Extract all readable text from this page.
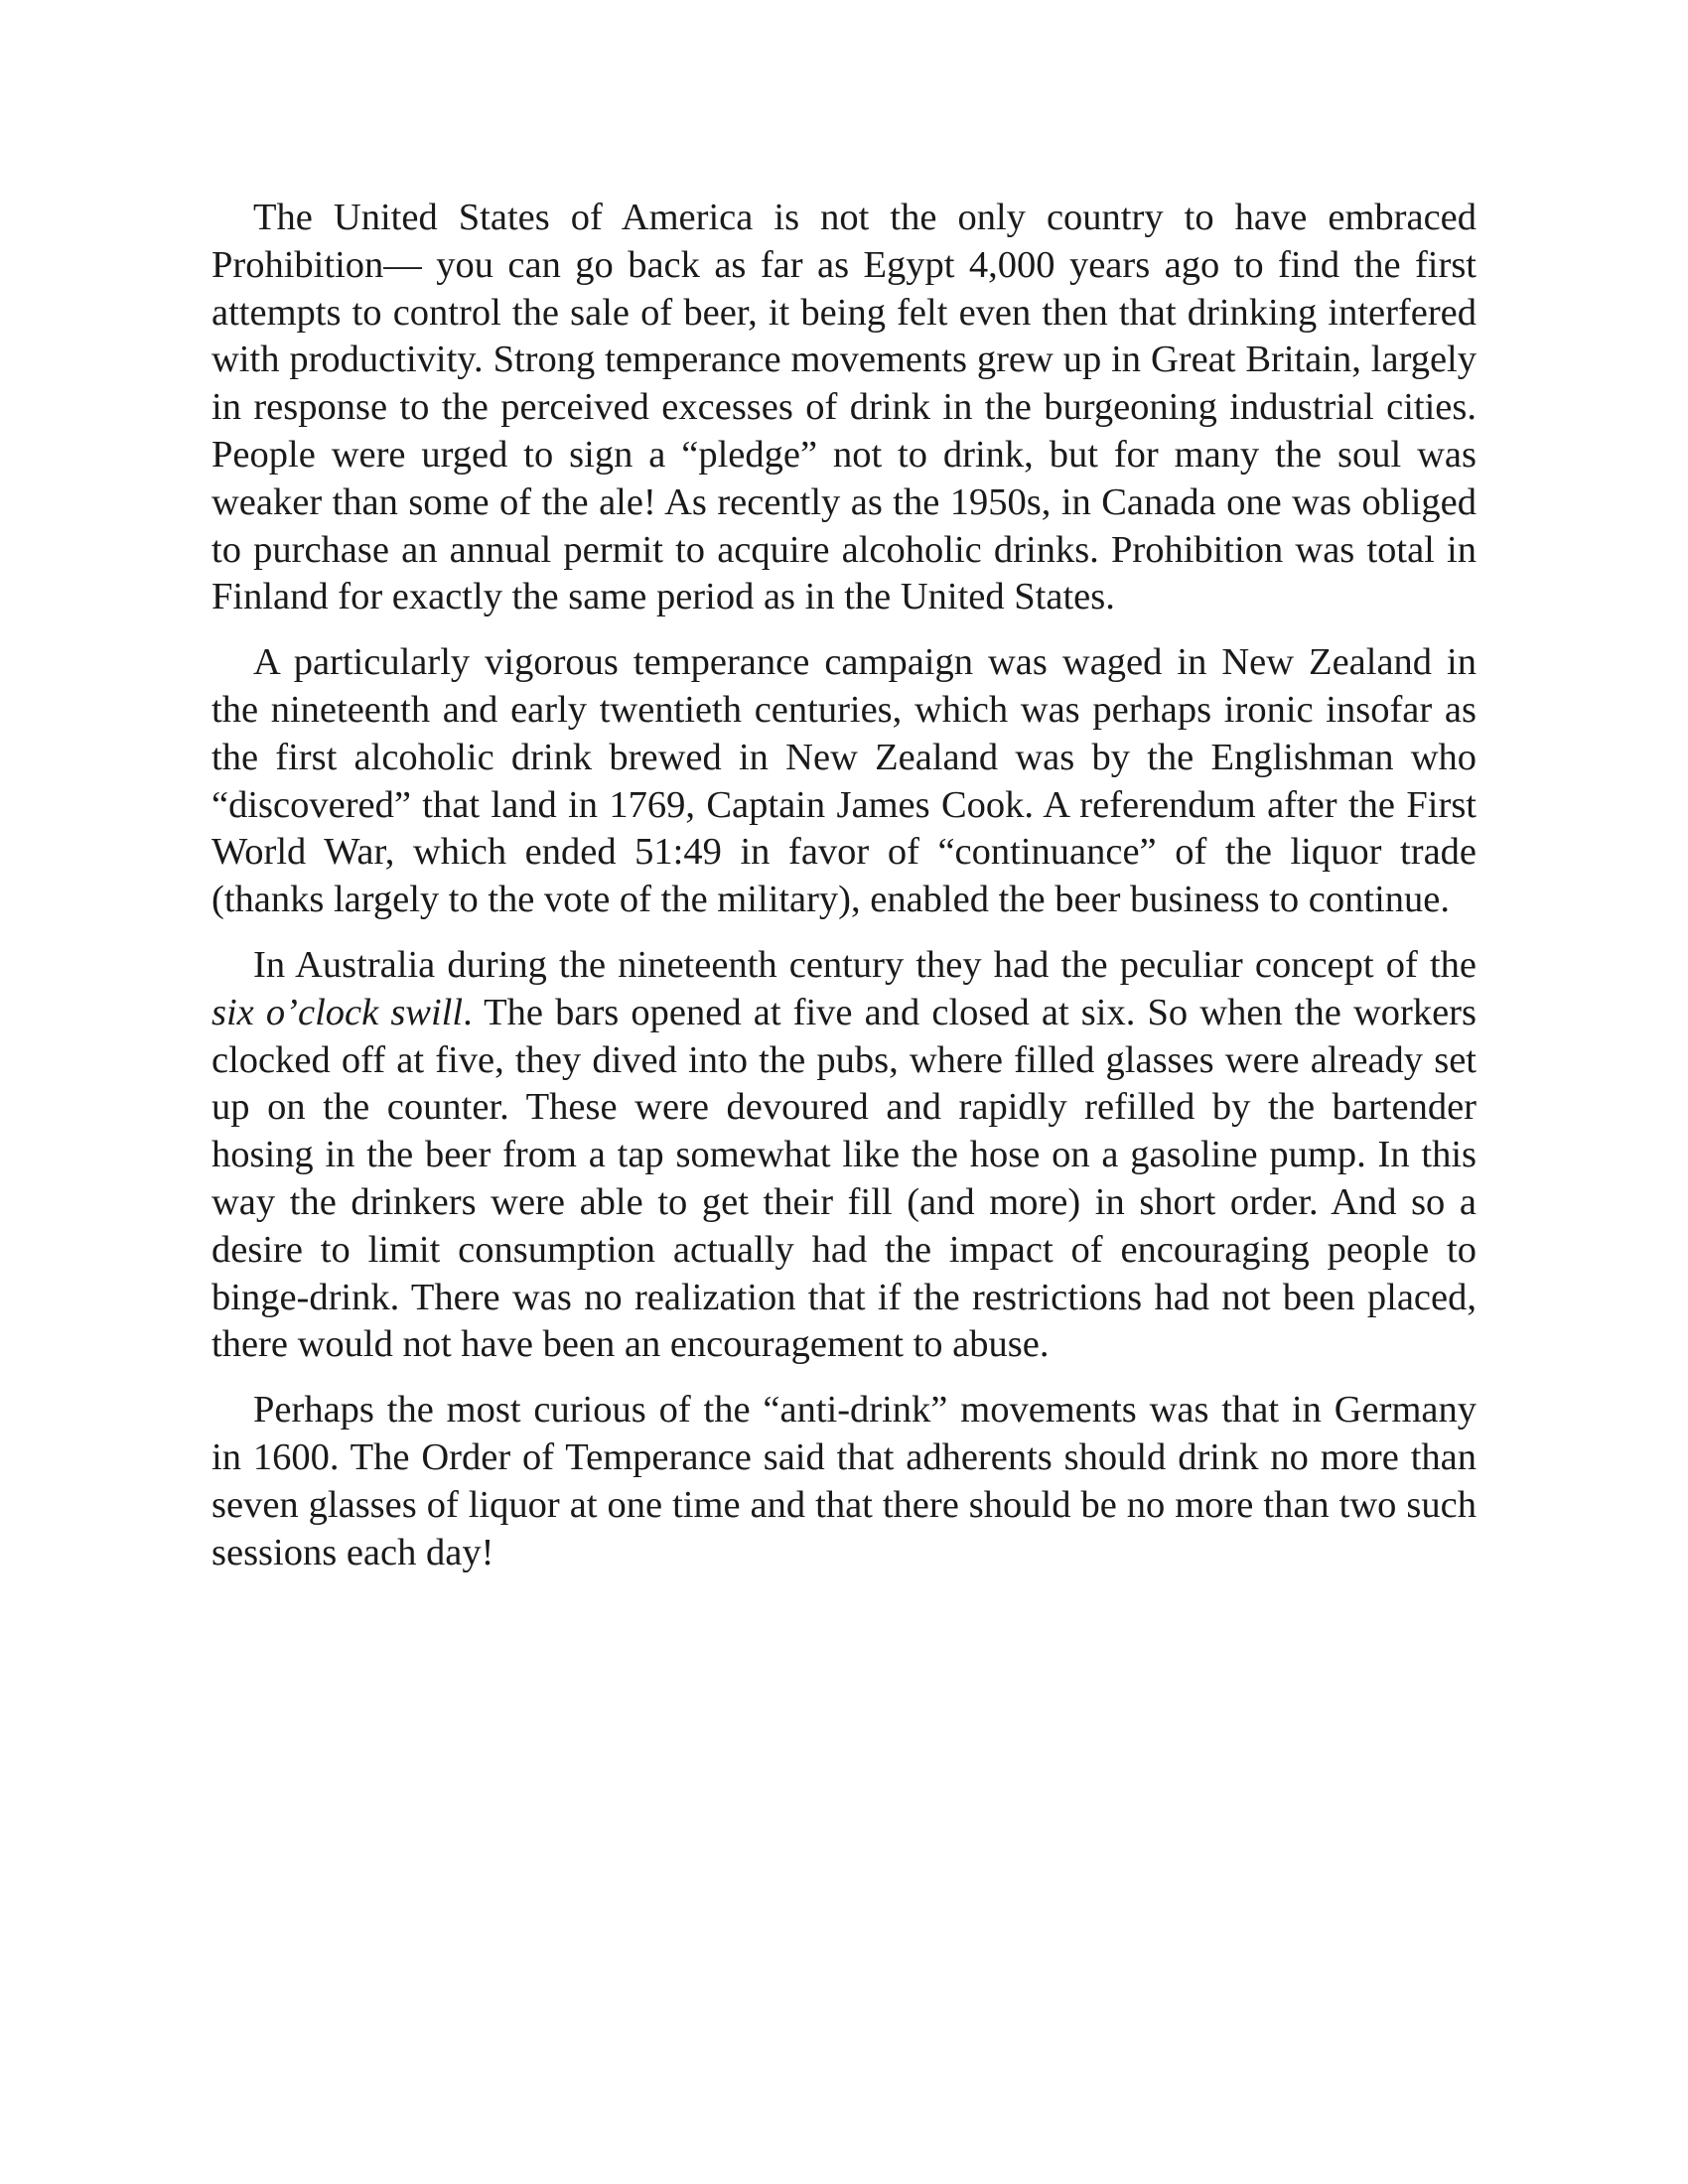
The United States of America is not the only country to have embraced Prohibition— you can go back as far as Egypt 4,000 years ago to find the first attempts to control the sale of beer, it being felt even then that drinking interfered with productivity. Strong temperance movements grew up in Great Britain, largely in response to the perceived excesses of drink in the burgeoning industrial cities. People were urged to sign a “pledge” not to drink, but for many the soul was weaker than some of the ale! As recently as the 1950s, in Canada one was obliged to purchase an annual permit to acquire alcoholic drinks. Prohibition was total in Finland for exactly the same period as in the United States.

A particularly vigorous temperance campaign was waged in New Zealand in the nineteenth and early twentieth centuries, which was perhaps ironic insofar as the first alcoholic drink brewed in New Zealand was by the Englishman who “discovered” that land in 1769, Captain James Cook. A referendum after the First World War, which ended 51:49 in favor of “continuance” of the liquor trade (thanks largely to the vote of the military), enabled the beer business to continue.

In Australia during the nineteenth century they had the peculiar concept of the six o’clock swill. The bars opened at five and closed at six. So when the workers clocked off at five, they dived into the pubs, where filled glasses were already set up on the counter. These were devoured and rapidly refilled by the bartender hosing in the beer from a tap somewhat like the hose on a gasoline pump. In this way the drinkers were able to get their fill (and more) in short order. And so a desire to limit consumption actually had the impact of encouraging people to binge-drink. There was no realization that if the restrictions had not been placed, there would not have been an encouragement to abuse.

Perhaps the most curious of the “anti-drink” movements was that in Germany in 1600. The Order of Temperance said that adherents should drink no more than seven glasses of liquor at one time and that there should be no more than two such sessions each day!
